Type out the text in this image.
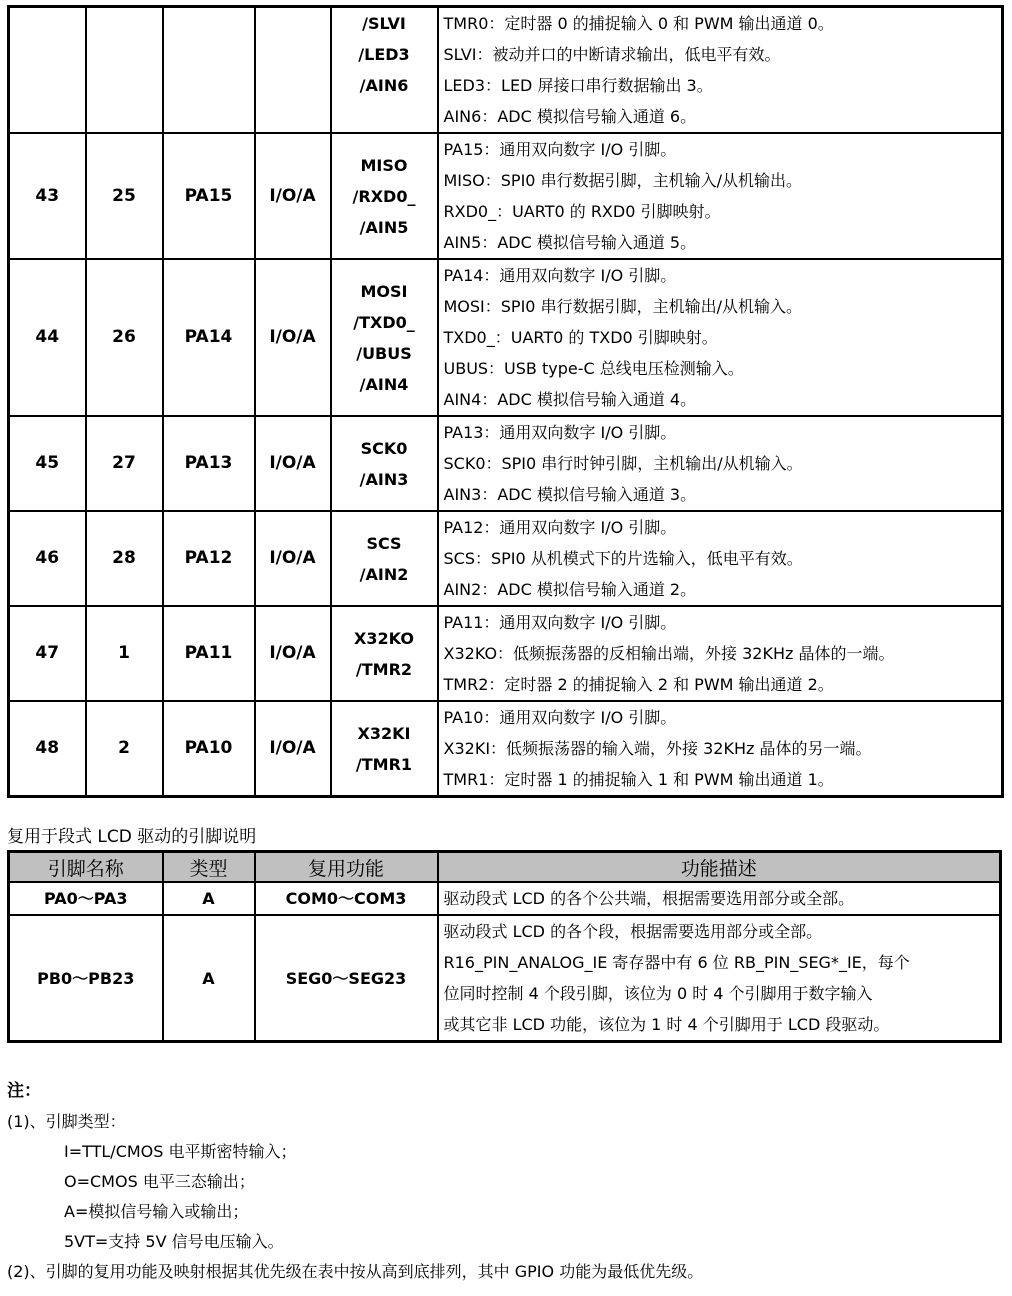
/SLVI
/LED3
/AIN6

TMR0：定时器 0 的捕捉输入 0 和 PWM 输出通道 0。
SLVI：被动并口的中断请求输出，低电平有效。
LED3：LED 屏接口串行数据输出 3。
AIN6：ADC 模拟信号输入通道 6。

43	25	PA15	I/O/A	
MISO
/RXD0_
/AIN5

PA15：通用双向数字 I/O 引脚。
MISO：SPI0 串行数据引脚，主机输入/从机输出。
RXD0_：UART0 的 RXD0 引脚映射。
AIN5：ADC 模拟信号输入通道 5。

44	26	PA14	I/O/A	
MOSI
/TXD0_
/UBUS
/AIN4

PA14：通用双向数字 I/O 引脚。
MOSI：SPI0 串行数据引脚，主机输出/从机输入。
TXD0_：UART0 的 TXD0 引脚映射。
UBUS：USB type-C 总线电压检测输入。
AIN4：ADC 模拟信号输入通道 4。

45	27	PA13	I/O/A	
SCK0
/AIN3

PA13：通用双向数字 I/O 引脚。
SCK0：SPI0 串行时钟引脚，主机输出/从机输入。
AIN3：ADC 模拟信号输入通道 3。

46	28	PA12	I/O/A	
SCS
/AIN2

PA12：通用双向数字 I/O 引脚。
SCS：SPI0 从机模式下的片选输入，低电平有效。
AIN2：ADC 模拟信号输入通道 2。

47	1	PA11	I/O/A	
X32KO
/TMR2

PA11：通用双向数字 I/O 引脚。
X32KO：低频振荡器的反相输出端，外接 32KHz 晶体的一端。
TMR2：定时器 2 的捕捉输入 2 和 PWM 输出通道 2。

48	2	PA10	I/O/A	
X32KI
/TMR1

PA10：通用双向数字 I/O 引脚。
X32KI：低频振荡器的输入端，外接 32KHz 晶体的另一端。
TMR1：定时器 1 的捕捉输入 1 和 PWM 输出通道 1。
复用于段式 LCD 驱动的引脚说明
引脚名称	类型	复用功能	功能描述
PA0～PA3	A	COM0～COM3	驱动段式 LCD 的各个公共端，根据需要选用部分或全部。

PB0～PB23	A	SEG0～SEG23	驱动段式 LCD 的各个段，根据需要选用部分或全部。
R16_PIN_ANALOG_IE 寄存器中有 6 位 RB_PIN_SEG*_IE，每个
位同时控制 4 个段引脚，该位为 0 时 4 个引脚用于数字输入
或其它非 LCD 功能，该位为 1 时 4 个引脚用于 LCD 段驱动。
注：
(1)、引脚类型：
I=TTL/CMOS 电平斯密特输入；
O=CMOS 电平三态输出；
A=模拟信号输入或输出；
5VT=支持 5V 信号电压输入。
(2)、引脚的复用功能及映射根据其优先级在表中按从高到底排列，其中 GPIO 功能为最低优先级。
